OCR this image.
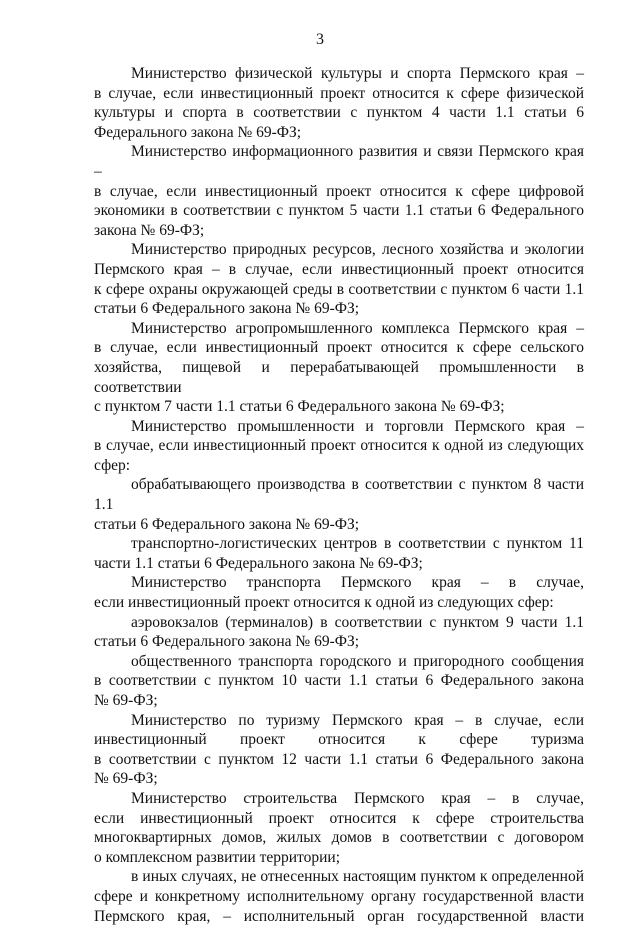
3
Министерство физической культуры и спорта Пермского края –
в случае, если инвестиционный проект относится к сфере физической
культуры и спорта в соответствии с пунктом 4 части 1.1 статьи 6
Федерального закона № 69-ФЗ;
Министерство информационного развития и связи Пермского края –
в случае, если инвестиционный проект относится к сфере цифровой
экономики в соответствии с пунктом 5 части 1.1 статьи 6 Федерального
закона № 69-ФЗ;
Министерство природных ресурсов, лесного хозяйства и экологии
Пермского края – в случае, если инвестиционный проект относится
к сфере охраны окружающей среды в соответствии с пунктом 6 части 1.1
статьи 6 Федерального закона № 69-ФЗ;
Министерство агропромышленного комплекса Пермского края –
в случае, если инвестиционный проект относится к сфере сельского
хозяйства, пищевой и перерабатывающей промышленности в соответствии
с пунктом 7 части 1.1 статьи 6 Федерального закона № 69-ФЗ;
Министерство промышленности и торговли Пермского края –
в случае, если инвестиционный проект относится к одной из следующих
сфер:
обрабатывающего производства в соответствии с пунктом 8 части 1.1
статьи 6 Федерального закона № 69-ФЗ;
транспортно-логистических центров в соответствии с пунктом 11
части 1.1 статьи 6 Федерального закона № 69-ФЗ;
Министерство транспорта Пермского края – в случае,
если инвестиционный проект относится к одной из следующих сфер:
аэровокзалов (терминалов) в соответствии с пунктом 9 части 1.1
статьи 6 Федерального закона № 69-ФЗ;
общественного транспорта городского и пригородного сообщения
в соответствии с пунктом 10 части 1.1 статьи 6 Федерального закона
№ 69-ФЗ;
Министерство по туризму Пермского края – в случае, если
инвестиционный проект относится к сфере туризма
в соответствии с пунктом 12 части 1.1 статьи 6 Федерального закона
№ 69-ФЗ;
Министерство строительства Пермского края – в случае,
если инвестиционный проект относится к сфере строительства
многоквартирных домов, жилых домов в соответствии с договором
о комплексном развитии территории;
в иных случаях, не отнесенных настоящим пунктом к определенной
сфере и конкретному исполнительному органу государственной власти
Пермского края, – исполнительный орган государственной власти
